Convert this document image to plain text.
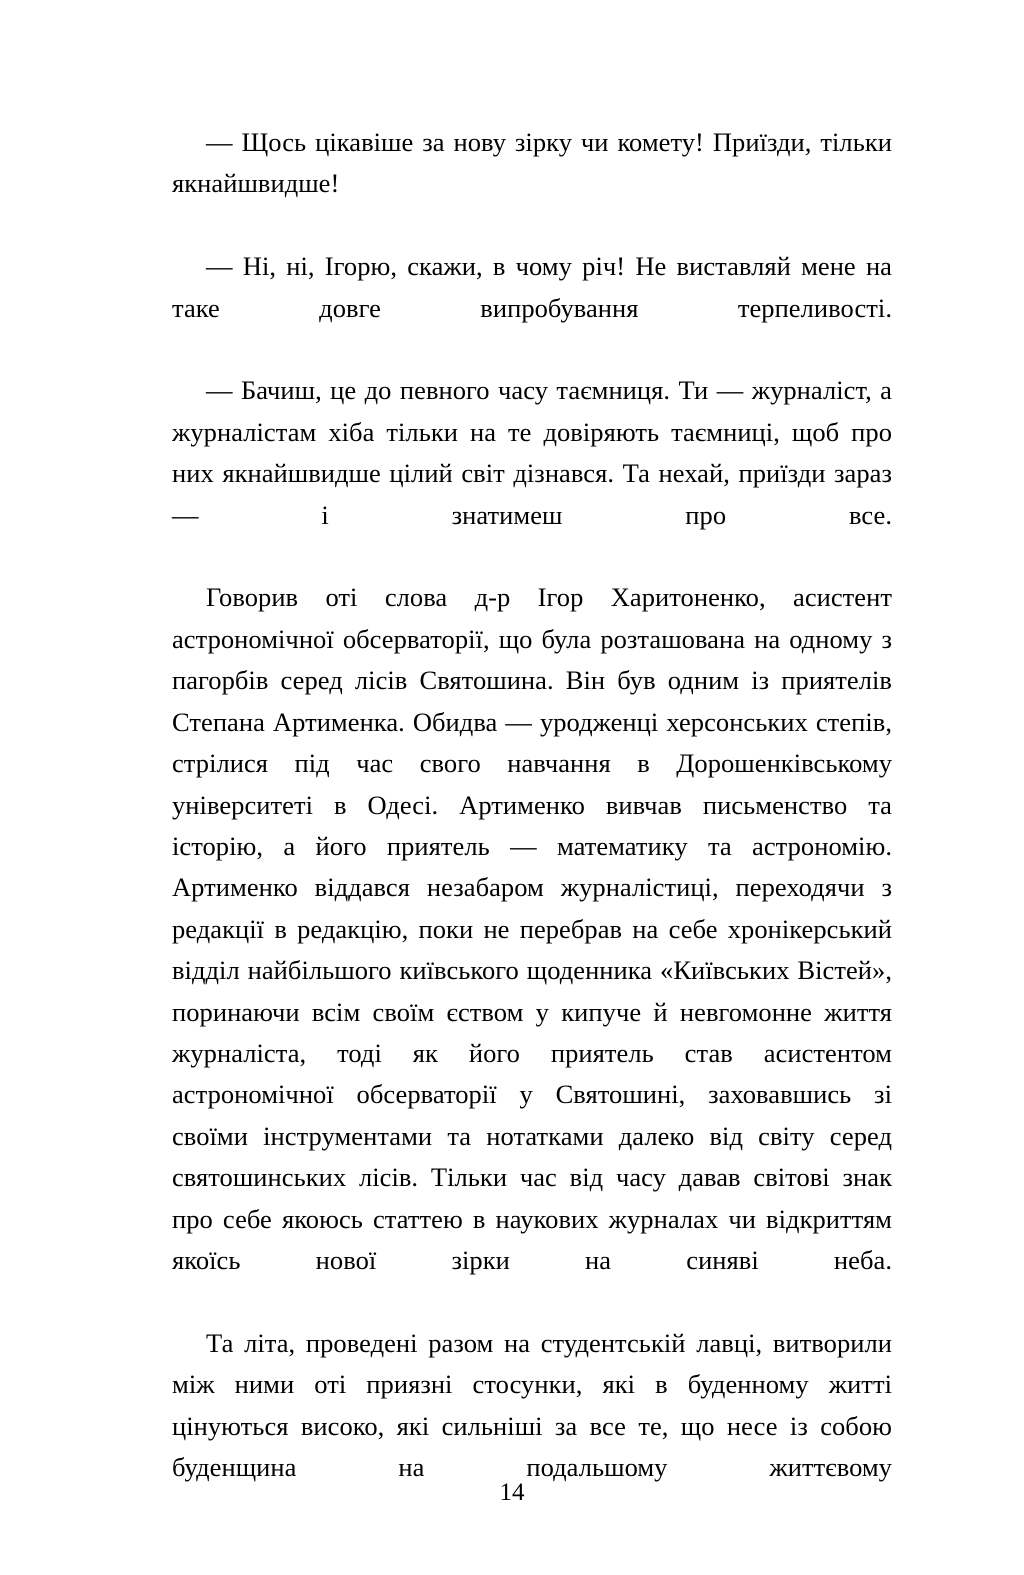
— Щось цікавіше за нову зірку чи комету! Приїзди, тільки якнайшвидше!

— Ні, ні, Ігорю, скажи, в чому річ! Не виставляй мене на таке довге випробування терпеливості.

— Бачиш, це до певного часу таємниця. Ти — журналіст, а журналістам хіба тільки на те довіряють таємниці, щоб про них якнайшвидше цілий світ дізнався. Та нехай, приїзди зараз — і знатимеш про все.

Говорив оті слова д-р Ігор Харитоненко, асистент астрономічної обсерваторії, що була розташована на одному з пагорбів серед лісів Святошина. Він був одним із приятелів Степана Артименка. Обидва — уродженці херсонських степів, стрілися під час свого навчання в Дорошенківському університеті в Одесі. Артименко вивчав письменство та історію, а його приятель — математику та астрономію. Артименко віддався незабаром журналістиці, переходячи з редакції в редакцію, поки не перебрав на себе хронікерський відділ найбільшого київського щоденника «Київських Вістей», поринаючи всім своїм єством у кипуче й невгомонне життя журналіста, тоді як його приятель став асистентом астрономічної обсерваторії у Святошині, заховавшись зі своїми інструментами та нотатками далеко від світу серед святошинських лісів. Тільки час від часу давав світові знак про себе якоюсь статтею в наукових журналах чи відкриттям якоїсь нової зірки на синяві неба.

Та літа, проведені разом на студентській лавці, витворили між ними оті приязні стосунки, які в буденному житті цінуються високо, які сильніші за все те, що несе із собою буденщина на подальшому життєвому

14
